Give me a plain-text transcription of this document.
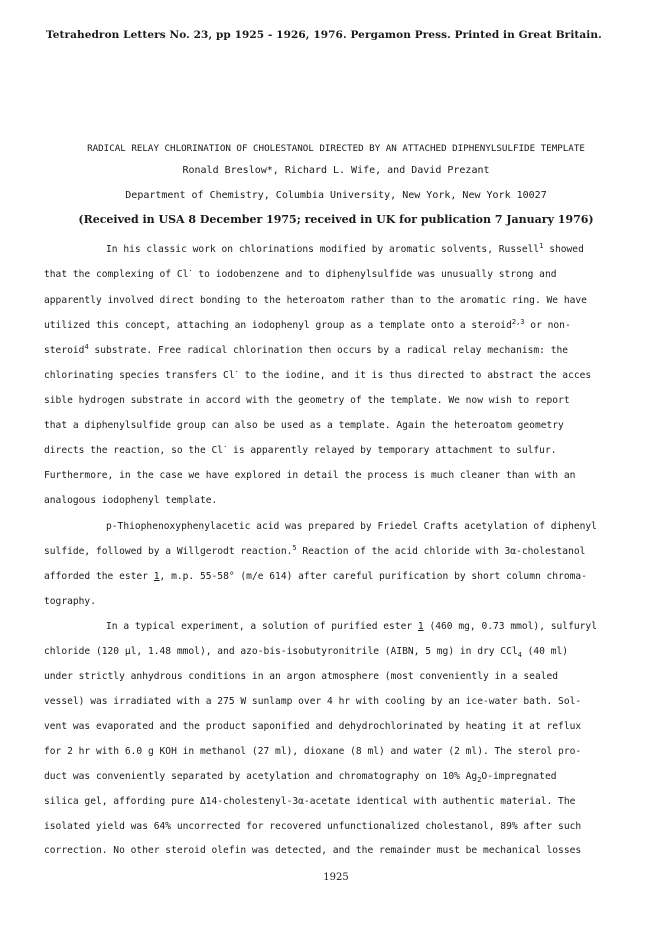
Tetrahedron Letters No. 23, pp 1925 - 1926, 1976. Pergamon Press. Printed in Great Britain.
RADICAL RELAY CHLORINATION OF CHOLESTANOL DIRECTED BY AN ATTACHED DIPHENYLSULFIDE TEMPLATE
Ronald Breslow*, Richard L. Wife, and David Prezant
Department of Chemistry, Columbia University, New York, New York 10027
(Received in USA 8 December 1975; received in UK for publication 7 January 1976)
In his classic work on chlorinations modified by aromatic solvents, Russell$^1$ showed
that the complexing of Cl· to iodobenzene and to diphenylsulfide was unusually strong and
apparently involved direct bonding to the heteroatom rather than to the aromatic ring. We have
utilized this concept, attaching an iodophenyl group as a template onto a steroid$^{2,3}$ or non-
steroid$^4$ substrate. Free radical chlorination then occurs by a radical relay mechanism: the
chlorinating species transfers Cl· to the iodine, and it is thus directed to abstract the acces
sible hydrogen substrate in accord with the geometry of the template. We now wish to report
that a diphenylsulfide group can also be used as a template. Again the heteroatom geometry
directs the reaction, so the Cl· is apparently relayed by temporary attachment to sulfur.
Furthermore, in the case we have explored in detail the process is much cleaner than with an
analogous iodophenyl template.
p-Thiophenoxyphenylacetic acid was prepared by Friedel Crafts acetylation of diphenyl
sulfide, followed by a Willgerodt reaction.$^5$ Reaction of the acid chloride with 3α-cholestanol
afforded the ester 1, m.p. 55-58° (m/e 614) after careful purification by short column chroma-
tography.
In a typical experiment, a solution of purified ester 1 (460 mg, 0.73 mmol), sulfuryl
chloride (120 µl, 1.48 mmol), and azo-bis-isobutyronitrile (AIBN, 5 mg) in dry CCl$_4$ (40 ml)
under strictly anhydrous conditions in an argon atmosphere (most conveniently in a sealed
vessel) was irradiated with a 275 W sunlamp over 4 hr with cooling by an ice-water bath. Sol-
vent was evaporated and the product saponified and dehydrochlorinated by heating it at reflux
for 2 hr with 6.0 g KOH in methanol (27 ml), dioxane (8 ml) and water (2 ml). The sterol pro-
duct was conveniently separated by acetylation and chromatography on 10% $Ag_2O$-impregnated
silica gel, affording pure Δ14-cholestenyl-3α-acetate identical with authentic material. The
isolated yield was 64% uncorrected for recovered unfunctionalized cholestanol, 89% after such
correction. No other steroid olefin was detected, and the remainder must be mechanical losses
1925
